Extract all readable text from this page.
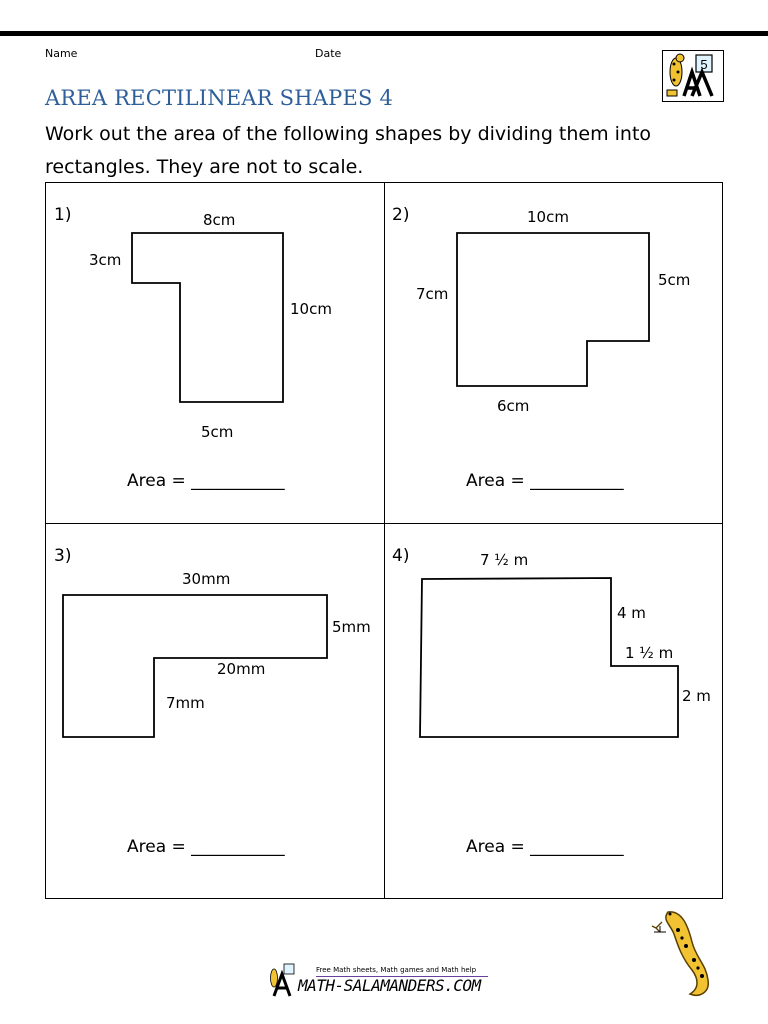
Name	Date
5
AREA RECTILINEAR SHAPES 4
Work out the area of the following shapes by dividing them into rectangles. They are not to scale.
1)	8cm
3cm
10cm
5cm
Area = ___________
2)	10cm
7cm
5cm
6cm
Area = ___________
3)
30mm
5mm
20mm
7mm
Area = ___________
4)	7 ½ m
4 m
1 ½ m
2 m
Area = ___________
Free Math sheets, Math games and Math help
MATH-SALAMANDERS.COM
